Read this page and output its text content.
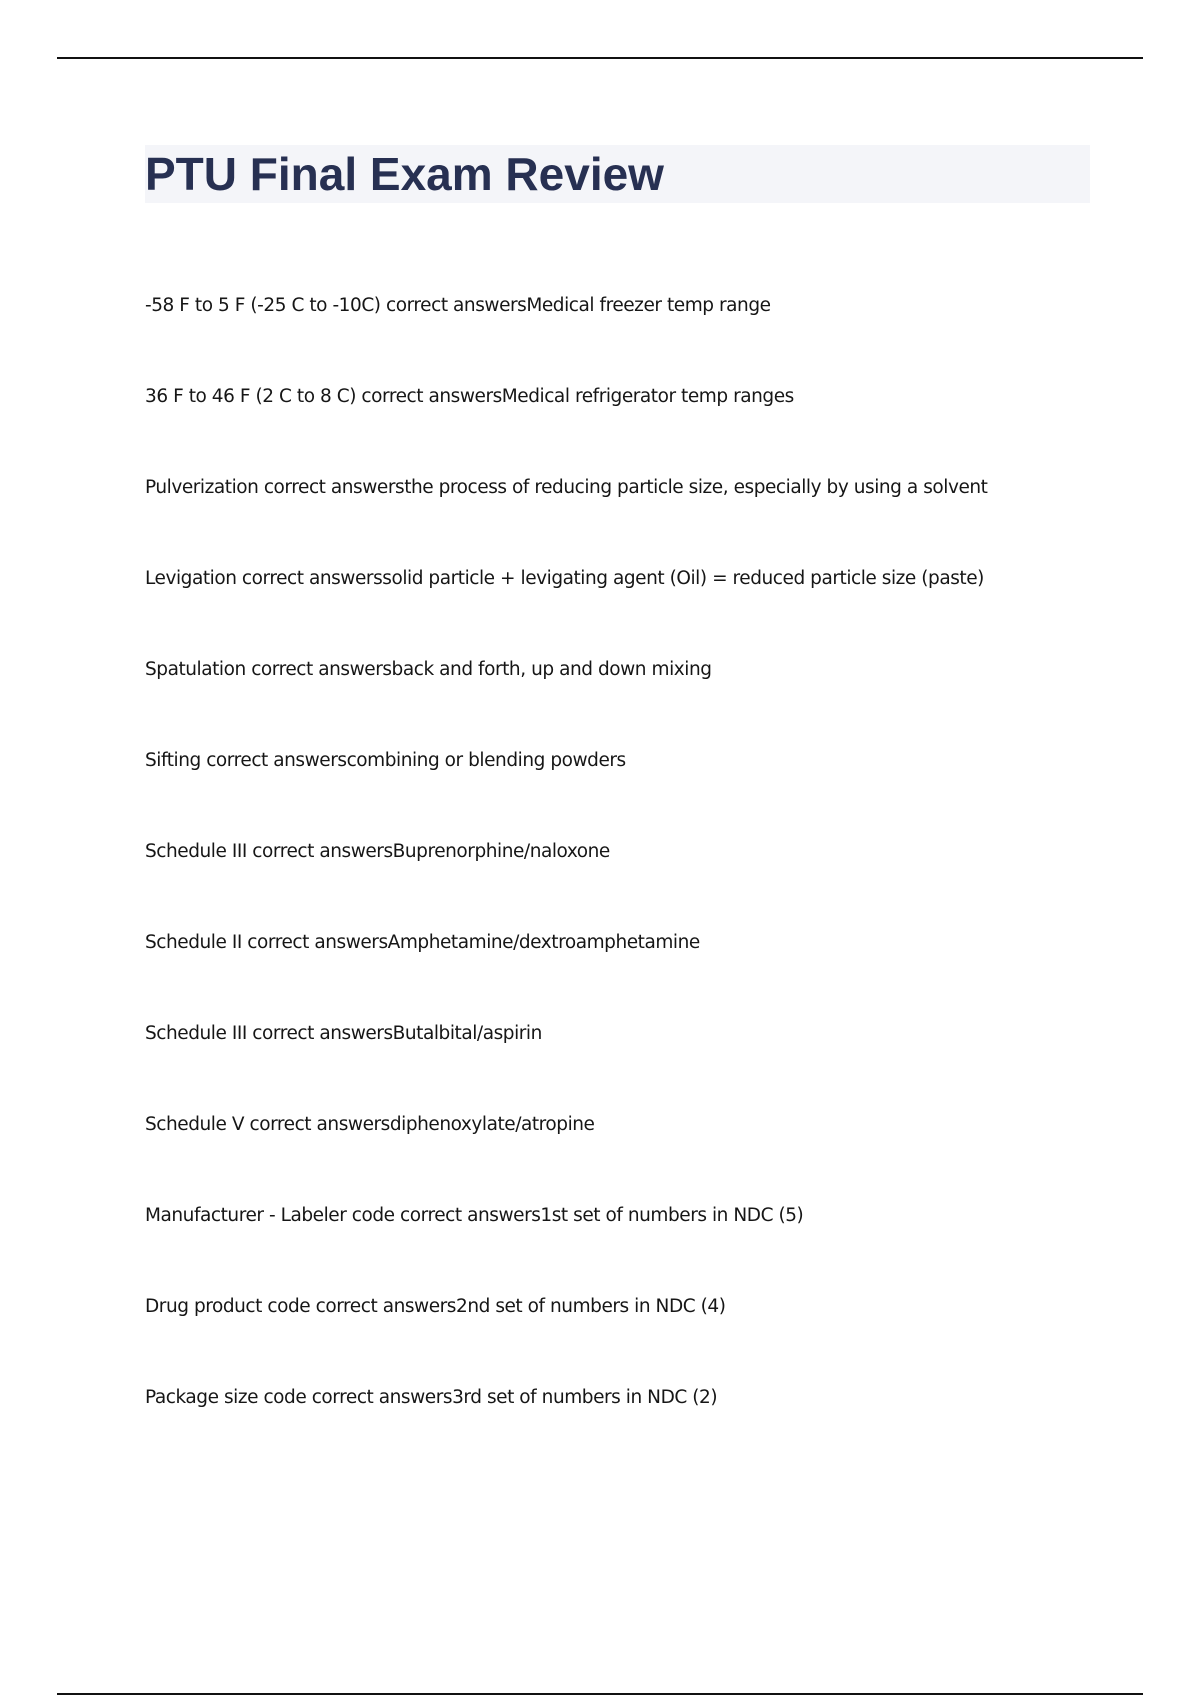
PTU Final Exam Review
-58 F to 5 F (-25 C to -10C) correct answersMedical freezer temp range
36 F to 46 F (2 C to 8 C) correct answersMedical refrigerator temp ranges
Pulverization correct answersthe process of reducing particle size, especially by using a solvent
Levigation correct answerssolid particle + levigating agent (Oil) = reduced particle size (paste)
Spatulation correct answersback and forth, up and down mixing
Sifting correct answerscombining or blending powders
Schedule III correct answersBuprenorphine/naloxone
Schedule II correct answersAmphetamine/dextroamphetamine
Schedule III correct answersButalbital/aspirin
Schedule V correct answersdiphenoxylate/atropine
Manufacturer - Labeler code correct answers1st set of numbers in NDC (5)
Drug product code correct answers2nd set of numbers in NDC (4)
Package size code correct answers3rd set of numbers in NDC (2)
